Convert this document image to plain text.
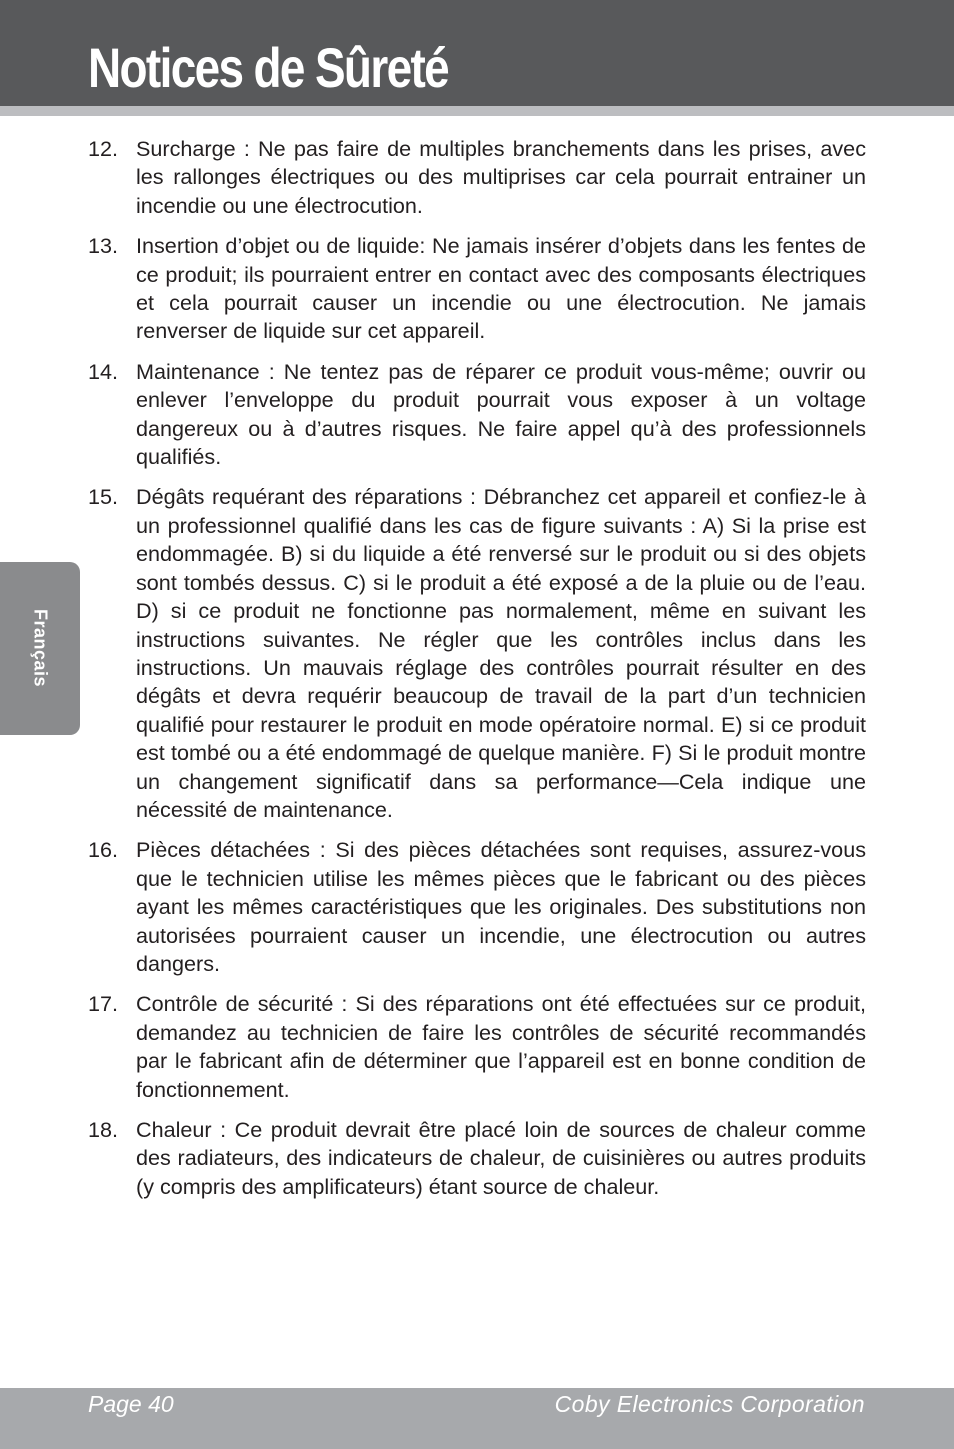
Notices de Sûreté
Français
12. Surcharge : Ne pas faire de multiples branchements dans les prises, avec les rallonges électriques ou des multiprises car cela pourrait entrainer un incendie ou une électrocution.
13. Insertion d’objet ou de liquide: Ne jamais insérer d’objets dans les fentes de ce produit; ils pourraient entrer en contact avec des composants électriques et cela pourrait causer un incendie ou une électrocution. Ne jamais renverser de liquide sur cet appareil.
14. Maintenance : Ne tentez pas de réparer ce produit vous-même; ouvrir ou enlever l’enveloppe du produit pourrait vous exposer à un voltage dangereux ou à d’autres risques. Ne faire appel qu’à des professionnels qualifiés.
15. Dégâts requérant des réparations : Débranchez cet appareil et confiez-le à un professionnel qualifié dans les cas de figure suivants : A) Si la prise est endommagée. B) si du liquide a été renversé sur le produit ou si des objets sont tombés dessus. C) si le produit a été exposé a de la pluie ou de l’eau. D) si ce produit ne fonctionne pas normalement, même en suivant les instructions suivantes. Ne régler que les contrôles inclus dans les instructions. Un mauvais réglage des contrôles pourrait résulter en des dégâts et devra requérir beaucoup de travail de la part d’un technicien qualifié pour restaurer le produit en mode opératoire normal. E) si ce produit est tombé ou a été endommagé de quelque manière. F) Si le produit montre un changement significatif dans sa performance—Cela indique une nécessité de maintenance.
16. Pièces détachées : Si des pièces détachées sont requises, assurez-vous que le technicien utilise les mêmes pièces que le fabricant ou des pièces ayant les mêmes caractéristiques que les originales. Des substitutions non autorisées pourraient causer un incendie, une électrocution ou autres dangers.
17. Contrôle de sécurité : Si des réparations ont été effectuées sur ce produit, demandez au technicien de faire les contrôles de sécurité recommandés par le fabricant afin de déterminer que l’appareil est en bonne condition de fonctionnement.
18. Chaleur : Ce produit devrait être placé loin de sources de chaleur comme des radiateurs, des indicateurs de chaleur, de cuisinières ou autres produits (y compris des amplificateurs) étant source de chaleur.
Page 40	Coby Electronics Corporation
